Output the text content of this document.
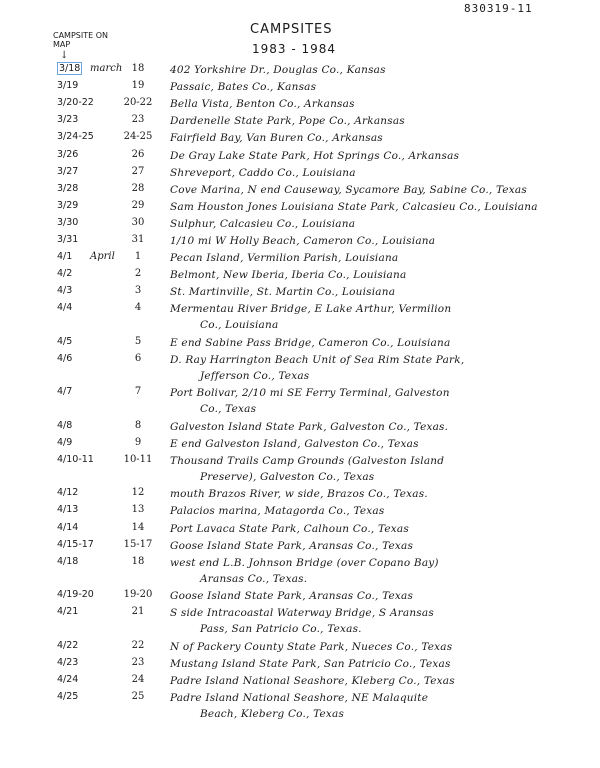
830319-11
CAMPSITES
1983 - 1984
CAMPSITE ON MAP
↓
3/18 march 18	402 Yorkshire Dr., Douglas Co., Kansas
3/19	19	Passaic, Bates Co., Kansas
3/20-22	20-22	Bella Vista, Benton Co., Arkansas
3/23	23	Dardenelle State Park, Pope Co., Arkansas
3/24-25	24-25	Fairfield Bay, Van Buren Co., Arkansas
3/26	26	De Gray Lake State Park, Hot Springs Co., Arkansas
3/27	27	Shreveport, Caddo Co., Louisiana
3/28	28	Cove Marina, N end Causeway, Sycamore Bay, Sabine Co., Texas
3/29	29	Sam Houston Jones Louisiana State Park, Calcasieu Co., Louisiana
3/30	30	Sulphur, Calcasieu Co., Louisiana
3/31	31	1/10 mi W Holly Beach, Cameron Co., Louisiana
4/1	April	1	Pecan Island, Vermilion Parish, Louisiana
4/2	2	Belmont, New Iberia, Iberia Co., Louisiana
4/3	3	St. Martinville, St. Martin Co., Louisiana
4/4	4	Mermentau River Bridge, E Lake Arthur, Vermilion
Co., Louisiana
4/5	5	E end Sabine Pass Bridge, Cameron Co., Louisiana
4/6	6	D. Ray Harrington Beach Unit of Sea Rim State Park,
Jefferson Co., Texas
4/7	7	Port Bolivar, 2/10 mi SE Ferry Terminal, Galveston
Co., Texas
4/8	8	Galveston Island State Park, Galveston Co., Texas.
4/9	9	E end Galveston Island, Galveston Co., Texas
4/10-11	10-11	Thousand Trails Camp Grounds (Galveston Island
Preserve), Galveston Co., Texas
4/12	12	mouth Brazos River, w side, Brazos Co., Texas.
4/13	13	Palacios marina, Matagorda Co., Texas
4/14	14	Port Lavaca State Park, Calhoun Co., Texas
4/15-17	15-17	Goose Island State Park, Aransas Co., Texas
4/18	18	west end L.B. Johnson Bridge (over Copano Bay)
Aransas Co., Texas.
4/19-20	19-20	Goose Island State Park, Aransas Co., Texas
4/21	21	S side Intracoastal Waterway Bridge, S Aransas
Pass, San Patricio Co., Texas.
4/22	22	N of Packery County State Park, Nueces Co., Texas
4/23	23	Mustang Island State Park, San Patricio Co., Texas
4/24	24	Padre Island National Seashore, Kleberg Co., Texas
4/25	25	Padre Island National Seashore, NE Malaquite
Beach, Kleberg Co., Texas
